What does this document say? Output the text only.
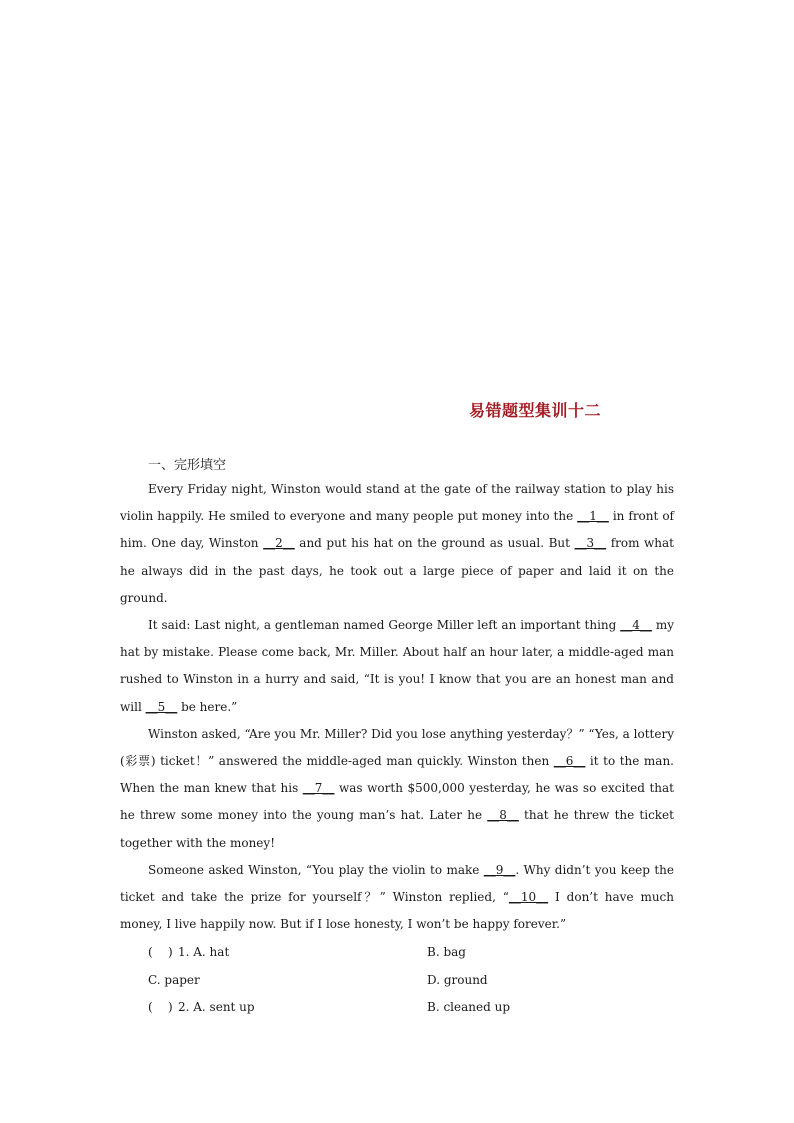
易错题型集训十二
一、完形填空

Every Friday night, Winston would stand at the gate of the railway station to play his violin happily. He smiled to everyone and many people put money into the __1__ in front of him. One day, Winston __2__ and put his hat on the ground as usual. But __3__ from what he always did in the past days, he took out a large piece of paper and laid it on the ground.

It said: Last night, a gentleman named George Miller left an important thing __4__ my hat by mistake. Please come back, Mr. Miller. About half an hour later, a middle-aged man rushed to Winston in a hurry and said, “It is you! I know that you are an honest man and will __5__ be here.”

Winston asked, “Are you Mr. Miller? Did you lose anything yesterday？” “Yes, a lottery (彩票) ticket！” answered the middle-aged man quickly. Winston then __6__ it to the man. When the man knew that his __7__ was worth $500,000 yesterday, he was so excited that he threw some money into the young man’s hat. Later he __8__ that he threw the ticket together with the money!

Someone asked Winston, “You play the violin to make __9__. Why didn’t you keep the ticket and take the prize for yourself？” Winston replied, “__10__ I don’t have much money, I live happily now. But if I lose honesty, I won’t be happy forever.”

(    ) 1. A. hat	B. bag
C. paper	D. ground
(    ) 2. A. sent up	B. cleaned up
